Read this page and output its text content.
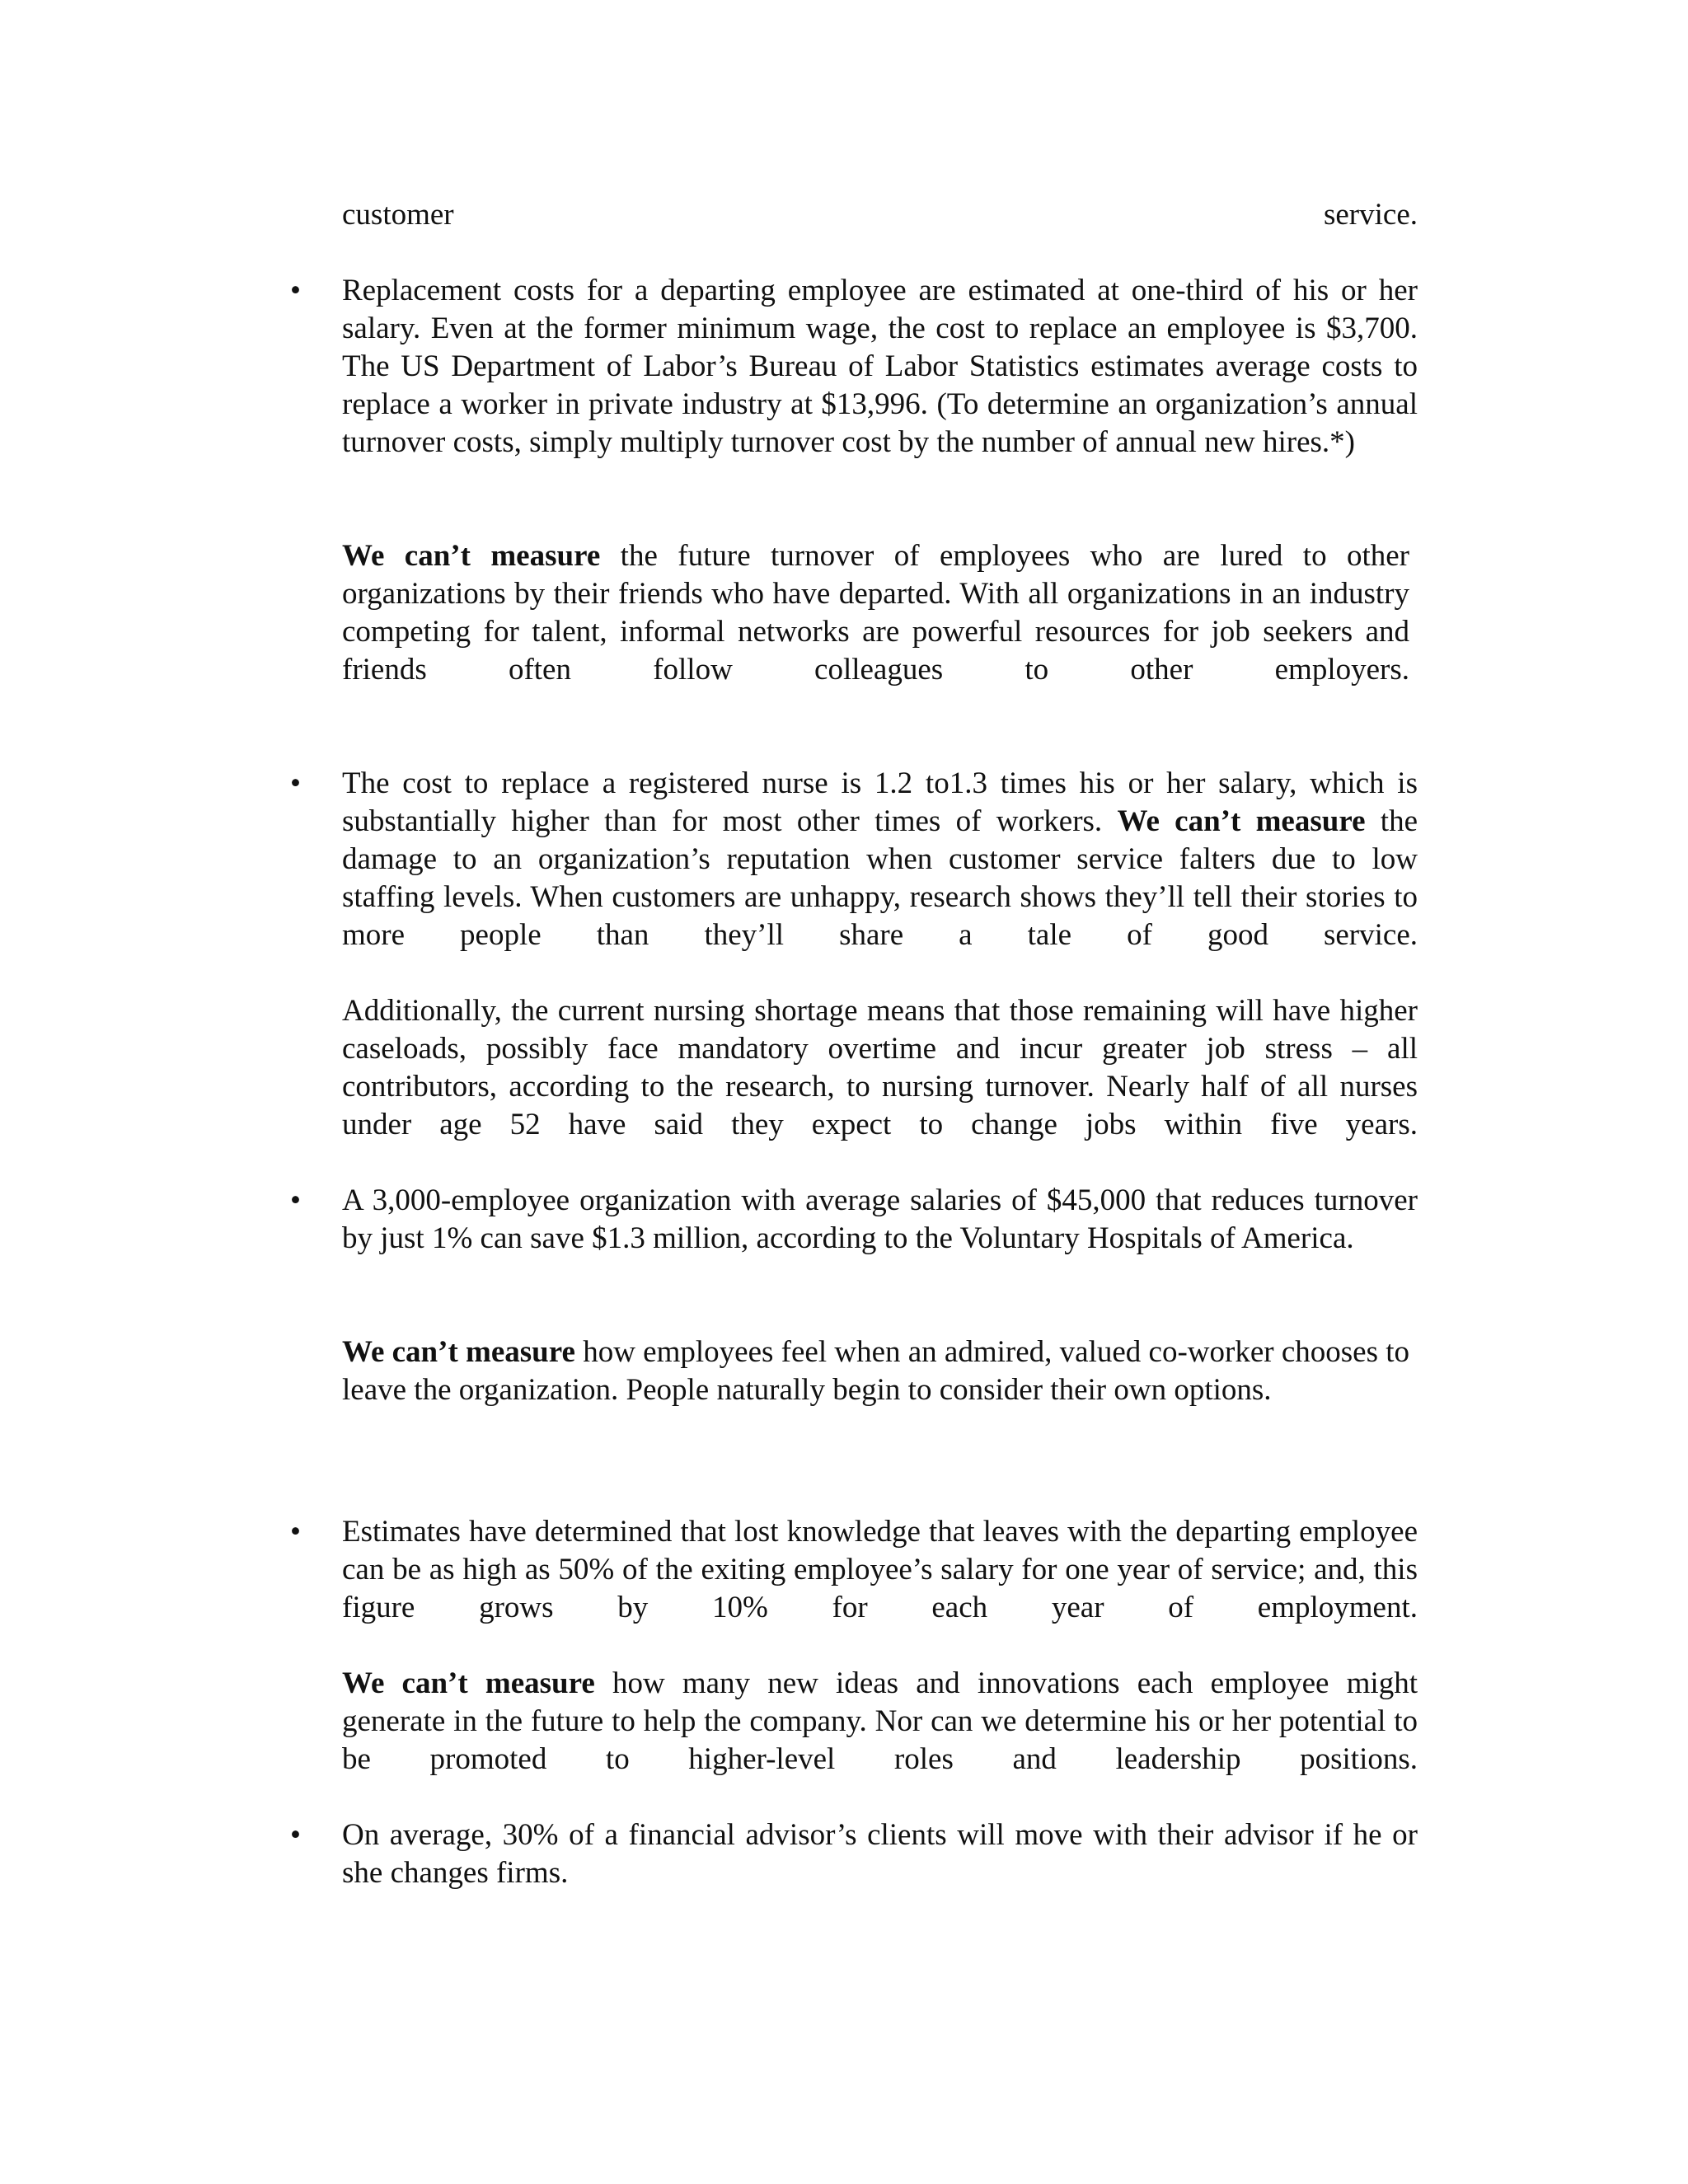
customer	service.
• Replacement costs for a departing employee are estimated at one-third of his or her salary. Even at the former minimum wage, the cost to replace an employee is $3,700. The US Department of Labor’s Bureau of Labor Statistics estimates average costs to replace a worker in private industry at $13,996. (To determine an organization’s annual turnover costs, simply multiply turnover cost by the number of annual new hires.*)
We can’t measure the future turnover of employees who are lured to other organizations by their friends who have departed. With all organizations in an industry competing for talent, informal networks are powerful resources for job seekers and friends often follow colleagues to other employers.
• The cost to replace a registered nurse is 1.2 to1.3 times his or her salary, which is substantially higher than for most other times of workers. We can’t measure the damage to an organization’s reputation when customer service falters due to low staffing levels. When customers are unhappy, research shows they’ll tell their stories to more people than they’ll share a tale of good service.
Additionally, the current nursing shortage means that those remaining will have higher caseloads, possibly face mandatory overtime and incur greater job stress – all contributors, according to the research, to nursing turnover. Nearly half of all nurses under age 52 have said they expect to change jobs within five years.
• A 3,000-employee organization with average salaries of $45,000 that reduces turnover by just 1% can save $1.3 million, according to the Voluntary Hospitals of America.
We can’t measure how employees feel when an admired, valued co-worker chooses to leave the organization. People naturally begin to consider their own options.
• Estimates have determined that lost knowledge that leaves with the departing employee can be as high as 50% of the exiting employee’s salary for one year of service; and, this figure grows by 10% for each year of employment.
We can’t measure how many new ideas and innovations each employee might generate in the future to help the company. Nor can we determine his or her potential to be promoted to higher-level roles and leadership positions.
• On average, 30% of a financial advisor’s clients will move with their advisor if he or she changes firms.
